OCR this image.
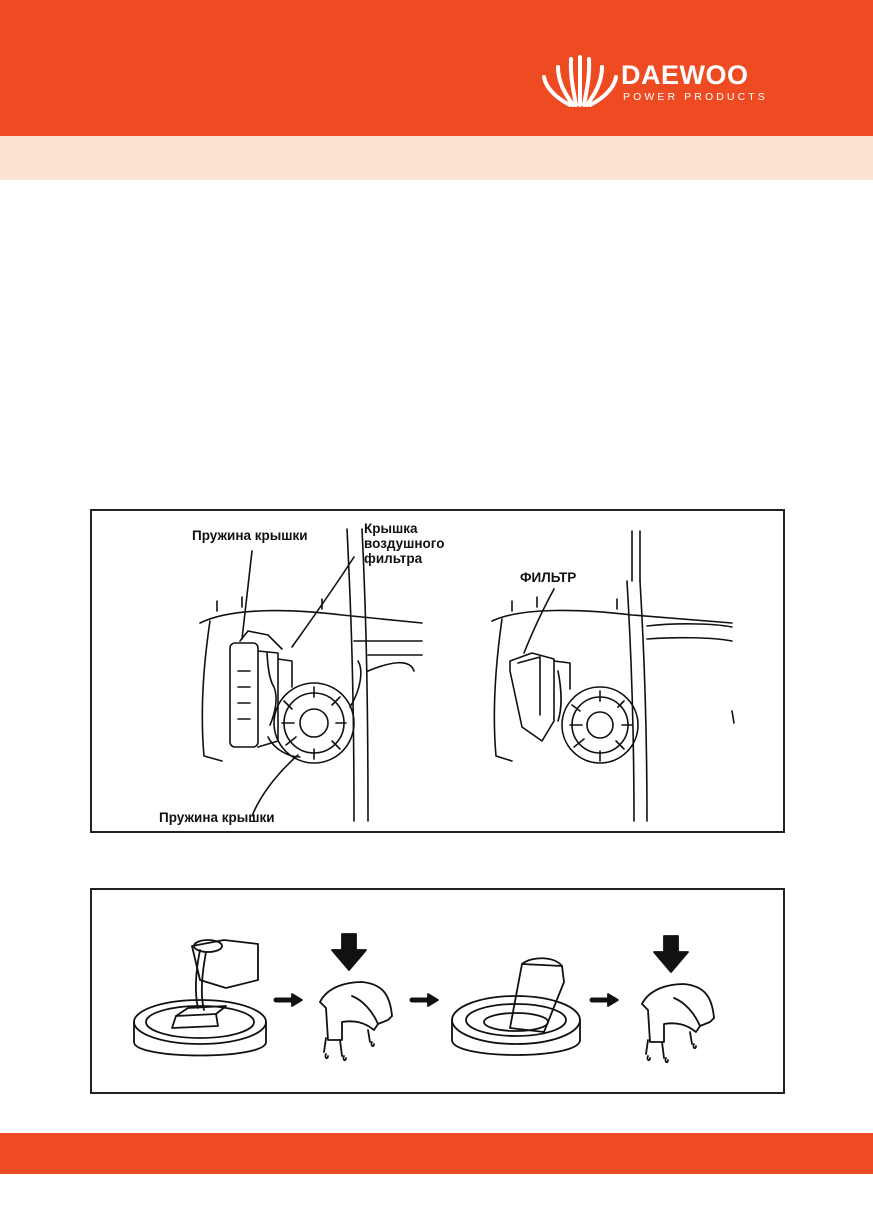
DAEWOO
POWER PRODUCTS
Пружина крышки	Крышка воздушного фильтра
ФИЛЬТР
Пружина крышки
